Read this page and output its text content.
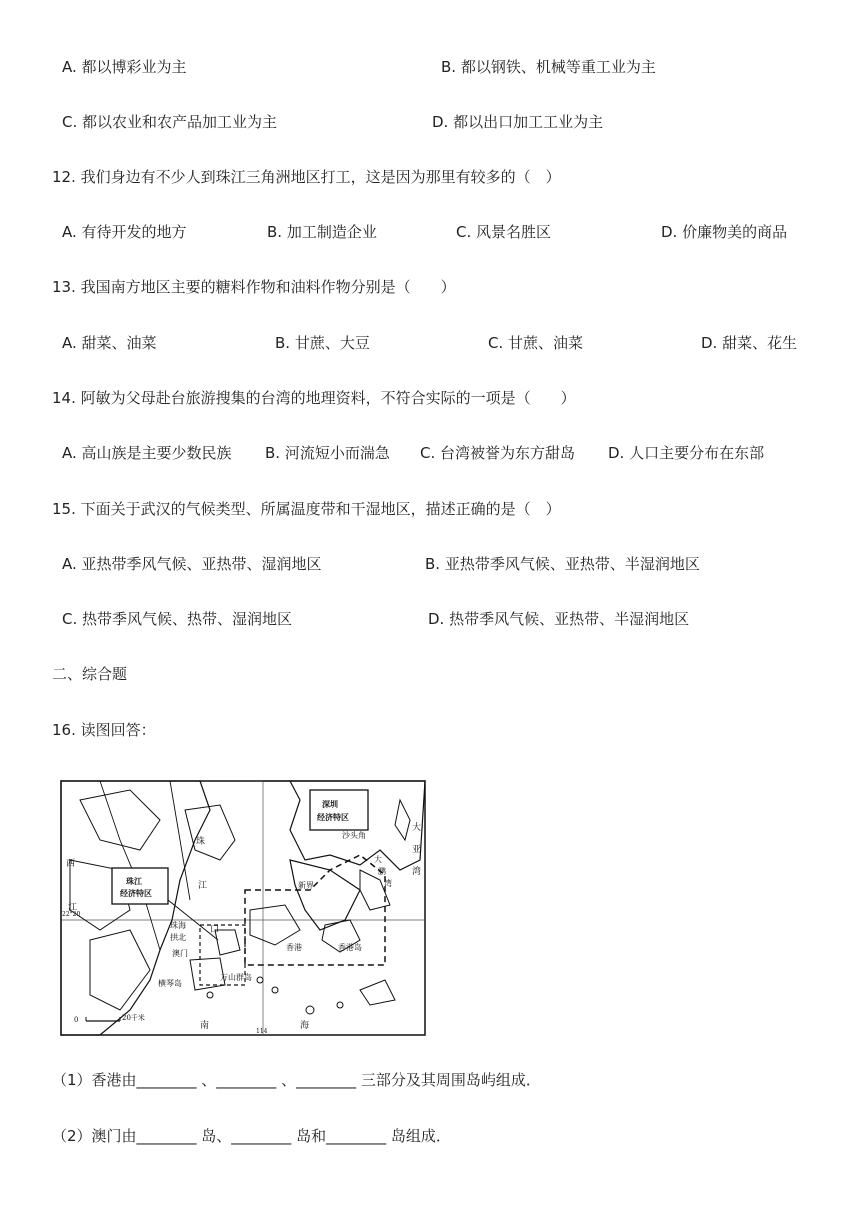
A. 都以博彩业为主	B. 都以钢铁、机械等重工业为主
C. 都以农业和农产品加工业为主	D. 都以出口加工工业为主
12. 我们身边有不少人到珠江三角洲地区打工，这是因为那里有较多的（　）
A. 有待开发的地方	B. 加工制造企业	C. 风景名胜区	D. 价廉物美的商品
13. 我国南方地区主要的糖料作物和油料作物分别是（　　）
A. 甜菜、油菜	B. 甘蔗、大豆	C. 甘蔗、油菜	D. 甜菜、花生
14. 阿敏为父母赴台旅游搜集的台湾的地理资料，不符合实际的一项是（　　）
A. 高山族是主要少数民族 B. 河流短小而湍急 C. 台湾被誉为东方甜岛 D. 人口主要分布在东部
15. 下面关于武汉的气候类型、所属温度带和干湿地区，描述正确的是（　）
A. 亚热带季风气候、亚热带、湿润地区	B. 亚热带季风气候、亚热带、半湿润地区
C. 热带季风气候、热带、湿润地区	D. 热带季风气候、亚热带、半湿润地区
二、综合题
16. 读图回答：
深圳
经济特区
珠江
经济特区
沙头角
珠
江
口
西
江
大
亚
湾
大
鹏
湾
新界
香港	香港岛
珠海
拱北
澳门
横琴岛
万山群岛
南	海
20千米
0
114
22°20
（1）香港由________ 、________ 、________ 三部分及其周围岛屿组成．
（2）澳门由________ 岛、________ 岛和________ 岛组成．
